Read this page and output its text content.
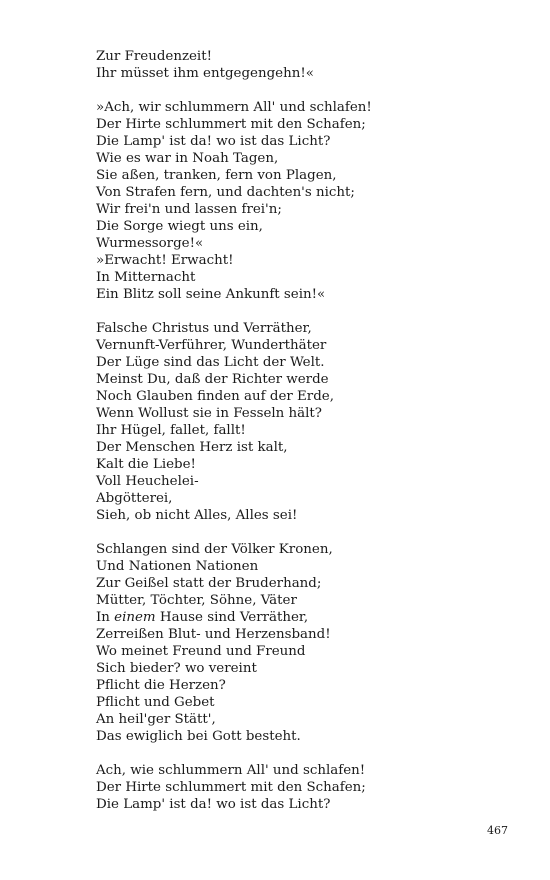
Zur Freudenzeit!
Ihr müsset ihm entgegengehn!«
»Ach, wir schlummern All' und schlafen!
Der Hirte schlummert mit den Schafen;
Die Lamp' ist da! wo ist das Licht?
Wie es war in Noah Tagen,
Sie aßen, tranken, fern von Plagen,
Von Strafen fern, und dachten's nicht;
Wir frei'n und lassen frei'n;
Die Sorge wiegt uns ein,
Wurmessorge!«
»Erwacht! Erwacht!
In Mitternacht
Ein Blitz soll seine Ankunft sein!«
Falsche Christus und Verräther,
Vernunft-Verführer, Wunderthäter
Der Lüge sind das Licht der Welt.
Meinst Du, daß der Richter werde
Noch Glauben finden auf der Erde,
Wenn Wollust sie in Fesseln hält?
Ihr Hügel, fallet, fallt!
Der Menschen Herz ist kalt,
Kalt die Liebe!
Voll Heuchelei-
Abgötterei,
Sieh, ob nicht Alles, Alles sei!
Schlangen sind der Völker Kronen,
Und Nationen Nationen
Zur Geißel statt der Bruderhand;
Mütter, Töchter, Söhne, Väter
In einem Hause sind Verräther,
Zerreißen Blut- und Herzensband!
Wo meinet Freund und Freund
Sich bieder? wo vereint
Pflicht die Herzen?
Pflicht und Gebet
An heil'ger Stätt',
Das ewiglich bei Gott besteht.
Ach, wie schlummern All' und schlafen!
Der Hirte schlummert mit den Schafen;
Die Lamp' ist da! wo ist das Licht?
467
